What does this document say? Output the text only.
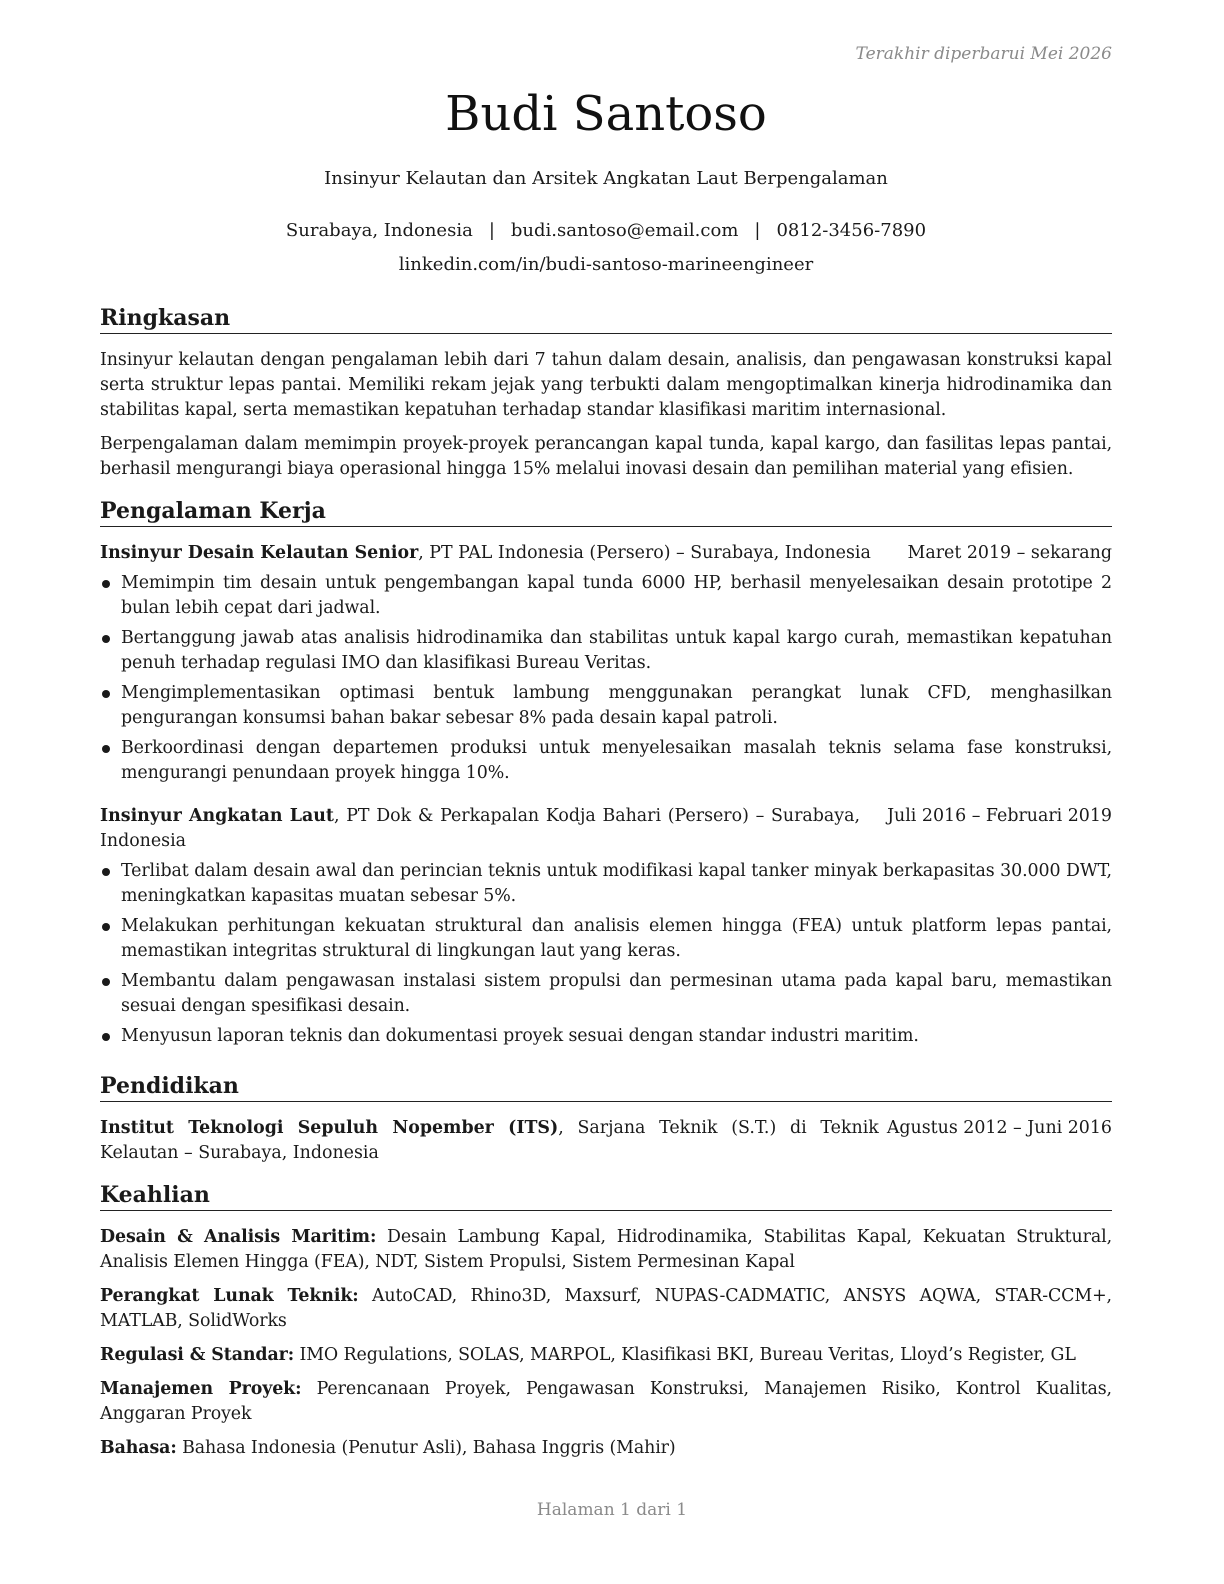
Terakhir diperbarui Mei 2026
Budi Santoso
Insinyur Kelautan dan Arsitek Angkatan Laut Berpengalaman
Surabaya, Indonesia | budi.santoso@email.com | 0812-3456-7890
linkedin.com/in/budi-santoso-marineengineer
Ringkasan

Insinyur kelautan dengan pengalaman lebih dari 7 tahun dalam desain, analisis, dan pengawasan konstruksi kapal serta struktur lepas pantai. Memiliki rekam jejak yang terbukti dalam mengoptimalkan kinerja hidrodinamika dan stabilitas kapal, serta memastikan kepatuhan terhadap standar klasifikasi maritim internasional.

Berpengalaman dalam memimpin proyek-proyek perancangan kapal tunda, kapal kargo, dan fasilitas lepas pantai, berhasil mengurangi biaya operasional hingga 15% melalui inovasi desain dan pemilihan material yang efisien.

Pengalaman Kerja
Insinyur Desain Kelautan Senior, PT PAL Indonesia (Persero) – Surabaya, Indonesia	Maret 2019 – sekarang
Memimpin tim desain untuk pengembangan kapal tunda 6000 HP, berhasil menyelesaikan desain prototipe 2 bulan lebih cepat dari jadwal.
Bertanggung jawab atas analisis hidrodinamika dan stabilitas untuk kapal kargo curah, memastikan kepatuhan penuh terhadap regulasi IMO dan klasifikasi Bureau Veritas.
Mengimplementasikan optimasi bentuk lambung menggunakan perangkat lunak CFD, menghasilkan pengurangan konsumsi bahan bakar sebesar 8% pada desain kapal patroli.
Berkoordinasi dengan departemen produksi untuk menyelesaikan masalah teknis selama fase konstruksi, mengurangi penundaan proyek hingga 10%.
Insinyur Angkatan Laut, PT Dok & Perkapalan Kodja Bahari (Persero) – Surabaya, Indonesia
Juli 2016 – Februari 2019
Terlibat dalam desain awal dan perincian teknis untuk modifikasi kapal tanker minyak berkapasitas 30.000 DWT, meningkatkan kapasitas muatan sebesar 5%.
Melakukan perhitungan kekuatan struktural dan analisis elemen hingga (FEA) untuk platform lepas pantai, memastikan integritas struktural di lingkungan laut yang keras.
Membantu dalam pengawasan instalasi sistem propulsi dan permesinan utama pada kapal baru, memastikan sesuai dengan spesifikasi desain.
Menyusun laporan teknis dan dokumentasi proyek sesuai dengan standar industri maritim.
Pendidikan
Institut Teknologi Sepuluh Nopember (ITS), Sarjana Teknik (S.T.) di Teknik Kelautan – Surabaya, Indonesia
Agustus 2012 – Juni 2016
Keahlian

Desain & Analisis Maritim: Desain Lambung Kapal, Hidrodinamika, Stabilitas Kapal, Kekuatan Struktural, Analisis Elemen Hingga (FEA), NDT, Sistem Propulsi, Sistem Permesinan Kapal

Perangkat Lunak Teknik: AutoCAD, Rhino3D, Maxsurf, NUPAS-CADMATIC, ANSYS AQWA, STAR-CCM+, MATLAB, SolidWorks

Regulasi & Standar: IMO Regulations, SOLAS, MARPOL, Klasifikasi BKI, Bureau Veritas, Lloyd’s Register, GL

Manajemen Proyek: Perencanaan Proyek, Pengawasan Konstruksi, Manajemen Risiko, Kontrol Kualitas, Anggaran Proyek

Bahasa: Bahasa Indonesia (Penutur Asli), Bahasa Inggris (Mahir)

Halaman 1 dari 1
